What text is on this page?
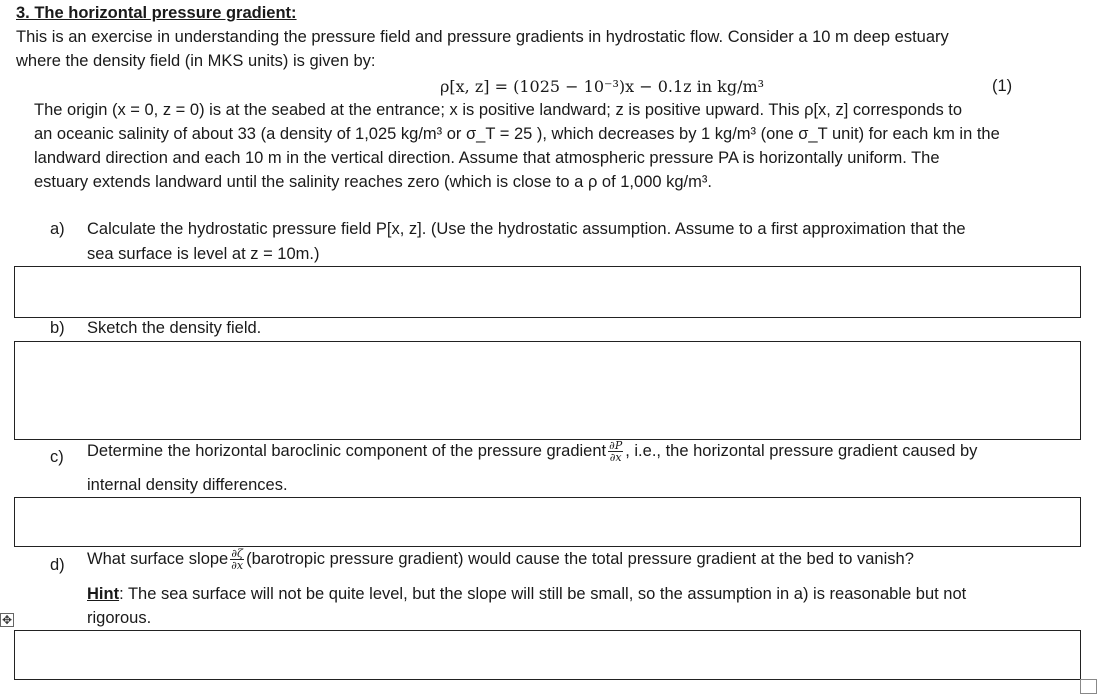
3. The horizontal pressure gradient:
This is an exercise in understanding the pressure field and pressure gradients in hydrostatic flow. Consider a 10 m deep estuary
where the density field (in MKS units) is given by:
ρ[x, z] = (1025 − 10⁻³)x − 0.1z in kg/m³	(1)
The origin (x = 0, z = 0) is at the seabed at the entrance; x is positive landward; z is positive upward. This ρ[x, z] corresponds to
an oceanic salinity of about 33 (a density of 1,025 kg/m³ or σ_T = 25 ), which decreases by 1 kg/m³ (one σ_T unit) for each km in the
landward direction and each 10 m in the vertical direction. Assume that atmospheric pressure PA is horizontally uniform. The
estuary extends landward until the salinity reaches zero (which is close to a ρ of 1,000 kg/m³.
a) Calculate the hydrostatic pressure field P[x, z]. (Use the hydrostatic assumption. Assume to a first approximation that the
sea surface is level at z = 10m.)
b) Sketch the density field.
c) Determine the horizontal baroclinic component of the pressure gradient $\frac{\partial P}{\partial x}$ , i.e., the horizontal pressure gradient caused by
internal density differences.
d) What surface slope $\frac{\partial\zeta}{\partial x}$ (barotropic pressure gradient) would cause the total pressure gradient at the bed to vanish?
Hint: The sea surface will not be quite level, but the slope will still be small, so the assumption in a) is reasonable but not
rigorous.
✥
